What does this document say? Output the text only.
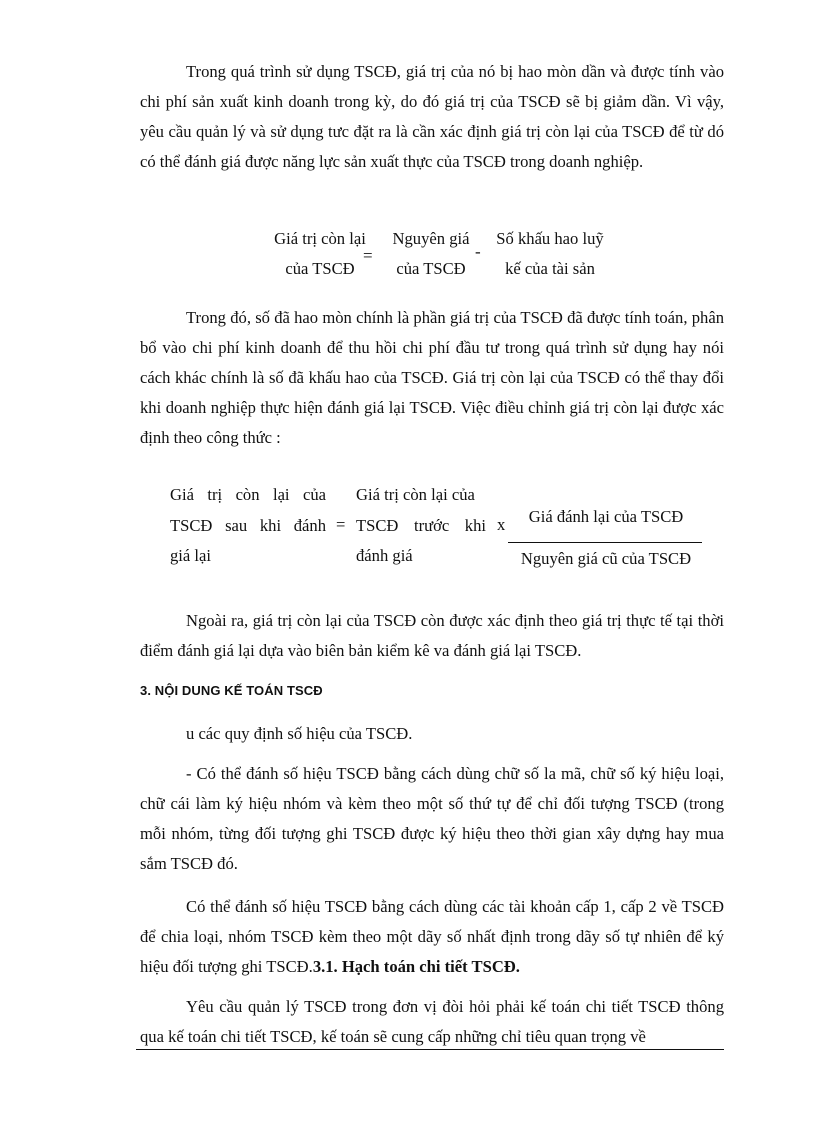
Trong quá trình sử dụng TSCĐ, giá trị của nó bị hao mòn dần và được tính vào chi phí sản xuất kinh doanh trong kỳ, do đó giá trị của TSCĐ sẽ bị giảm dần. Vì vậy, yêu cầu quản lý và sử dụng tưc đặt ra là cần xác định giá trị còn lại của TSCĐ để từ dó có thể đánh giá được năng lực sản xuất thực của TSCĐ trong doanh nghiệp.

Giá trị còn lại
của TSCĐ
=
Nguyên giá
của TSCĐ
-
Số khấu hao luỹ
kế của tài sản

Trong đó, số đã hao mòn chính là phần giá trị của TSCĐ đã được tính toán, phân bổ vào chi phí kinh doanh để thu hồi chi phí đầu tư trong quá trình sử dụng hay nói cách khác chính là số đã khấu hao của TSCĐ. Giá trị còn lại của TSCĐ có thể thay đổi khi doanh nghiệp thực hiện đánh giá lại TSCĐ. Việc điều chỉnh giá trị còn lại được xác định theo công thức :

Giá trị còn lại của
TSCĐ sau khi đánh
giá lại
=
Giá trị còn lại của
TSCĐ trước khi
đánh giá
x	Giá đánh lại của TSCĐ
Nguyên giá cũ của TSCĐ

Ngoài ra, giá trị còn lại của TSCĐ còn được xác định theo giá trị thực tế tại thời điểm đánh giá lại dựa vào biên bản kiểm kê va đánh giá lại TSCĐ.

3. NỘI DUNG KẾ TOÁN TSCĐ

u các quy định số hiệu của TSCĐ.

- Có thể đánh số hiệu TSCĐ bằng cách dùng chữ số la mã, chữ số ký hiệu loại, chữ cái làm ký hiệu nhóm và kèm theo một số thứ tự để chỉ đối tượng TSCĐ (trong mỗi nhóm, từng đối tượng ghi TSCĐ được ký hiệu theo thời gian xây dựng hay mua sắm TSCĐ đó.

Có thể đánh số hiệu TSCĐ bằng cách dùng các tài khoản cấp 1, cấp 2 về TSCĐ để chia loại, nhóm TSCĐ kèm theo một dãy số nhất định trong dãy số tự nhiên để ký hiệu đối tượng ghi TSCĐ.3.1. Hạch toán chi tiết TSCĐ.

Yêu cầu quản lý TSCĐ trong đơn vị đòi hỏi phải kế toán chi tiết TSCĐ thông qua kế toán chi tiết TSCĐ, kế toán sẽ cung cấp những chỉ tiêu quan trọng về
